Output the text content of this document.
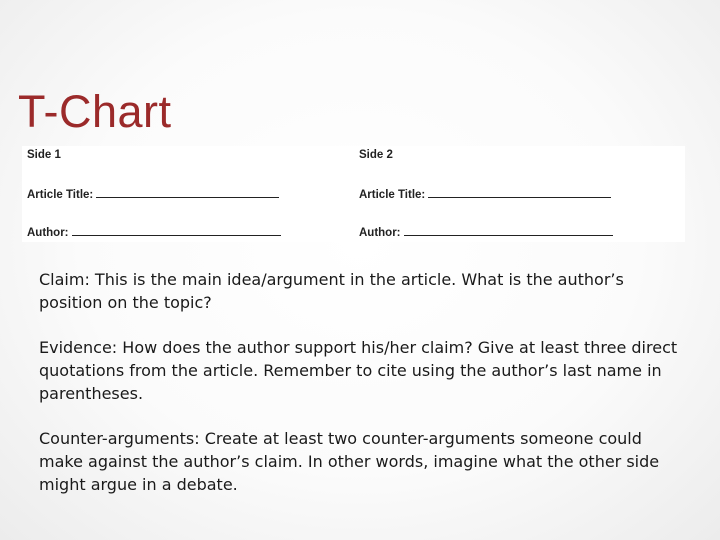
T-Chart
Side 1	Side 2
Article Title:	Article Title:
Author:	Author:

Claim: This is the main idea/argument in the article. What is the author’s position on the topic?

Evidence: How does the author support his/her claim? Give at least three direct quotations from the article. Remember to cite using the author’s last name in parentheses.

Counter-arguments: Create at least two counter-arguments someone could make against the author’s claim. In other words, imagine what the other side might argue in a debate.
